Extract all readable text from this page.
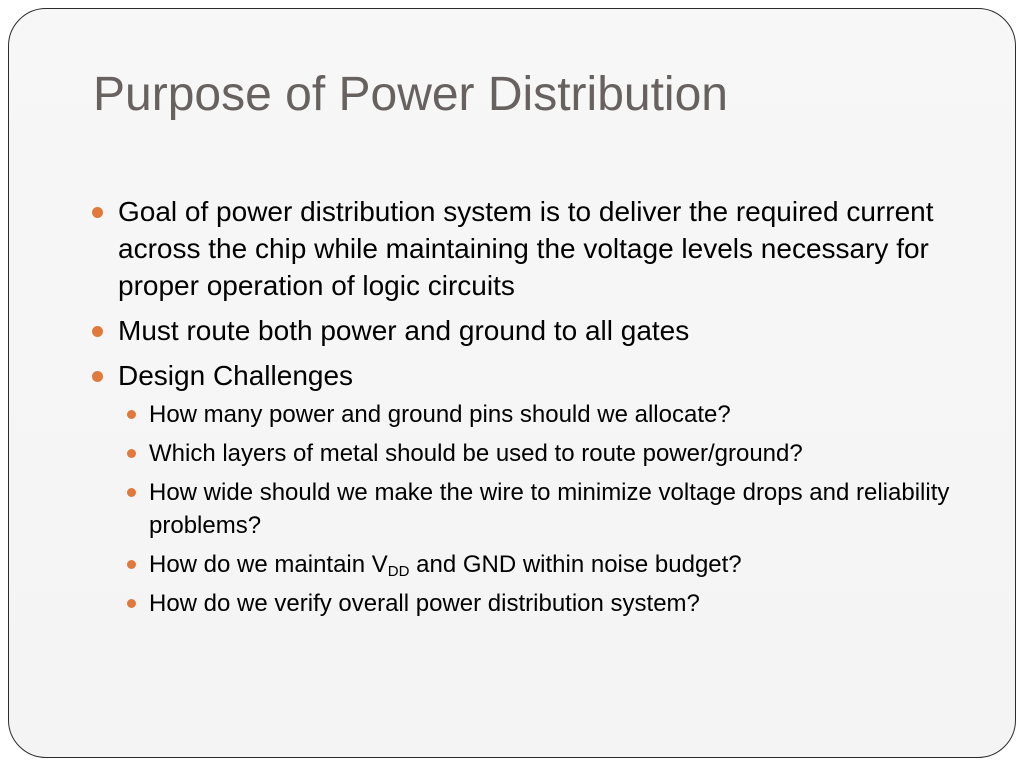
Purpose of Power Distribution
Goal of power distribution system is to deliver the required current across the chip while maintaining the voltage levels necessary for proper operation of logic circuits
Must route both power and ground to all gates
Design Challenges
How many power and ground pins should we allocate?
Which layers of metal should be used to route power/ground?
How wide should we make the wire to minimize voltage drops and reliability problems?
How do we maintain $V_{DD}$ and GND within noise budget?
How do we verify overall power distribution system?
